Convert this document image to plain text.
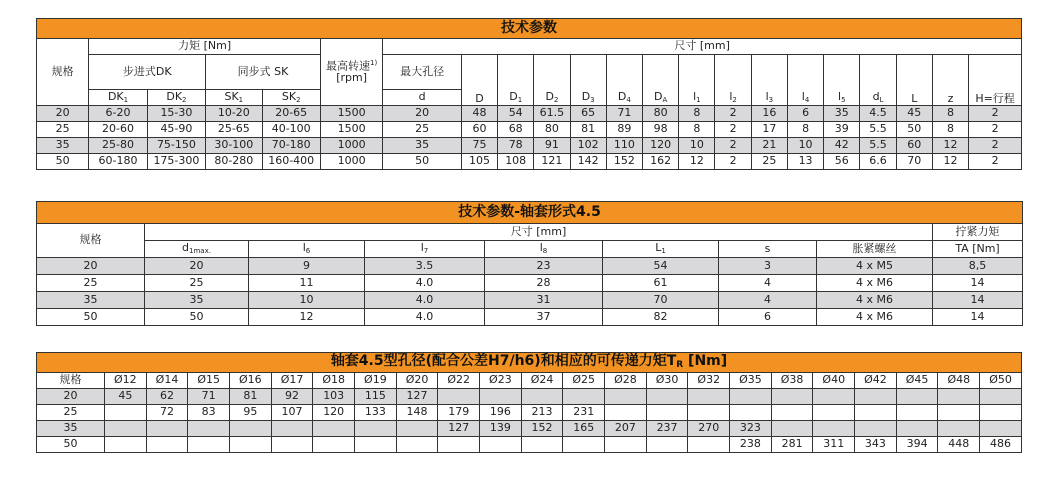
技术参数																					
规格	力矩 [Nm]				最高转速$^{1)}$
[rpm]	尺寸 [mm]															
	步进式DK		同步式 SK			最大孔径	D	$D_1$	$D_2$	$D_3$	$D_4$	$D_A$	$l_1$	$l_2$	$l_3$	$l_4$	$l_5$	$d_L$	L	z	H=行程
	$DK_1$	$DK_2$	$SK_1$	$SK_2$		d															
20	6-20	15-30	10-20	20-65	1500	20	48	54	61.5	65	71	80	8	2	16	6	35	4.5	45	8	2
25	20-60	45-90	25-65	40-100	1500	25	60	68	80	81	89	98	8	2	17	8	39	5.5	50	8	2
35	25-80	75-150	30-100	70-180	1000	35	75	78	91	102	110	120	10	2	21	10	42	5.5	60	12	2
50	60-180	175-300	80-280	160-400	1000	50	105	108	121	142	152	162	12	2	25	13	56	6.6	70	12	2
技术参数-轴套形式4.5								
规格	尺寸 [mm]							拧紧力矩
	$d_{1max.}$	$l_6$	$l_7$	$l_8$	$L_1$	s	胀紧螺丝	TA [Nm]
20	20	9	3.5	23	54	3	4 x M5	8,5
25	25	11	4.0	28	61	4	4 x M6	14
35	35	10	4.0	31	70	4	4 x M6	14
50	50	12	4.0	37	82	6	4 x M6	14
轴套4.5型孔径(配合公差H7/h6)和相应的可传递力矩$T_R$ [Nm]																						
规格	Ø12	Ø14	Ø15	Ø16	Ø17	Ø18	Ø19	Ø20	Ø22	Ø23	Ø24	Ø25	Ø28	Ø30	Ø32	Ø35	Ø38	Ø40	Ø42	Ø45	Ø48	Ø50
20	45	62	71	81	92	103	115	127														
25		72	83	95	107	120	133	148	179	196	213	231										
35									127	139	152	165	207	237	270	323						
50																238	281	311	343	394	448	486
